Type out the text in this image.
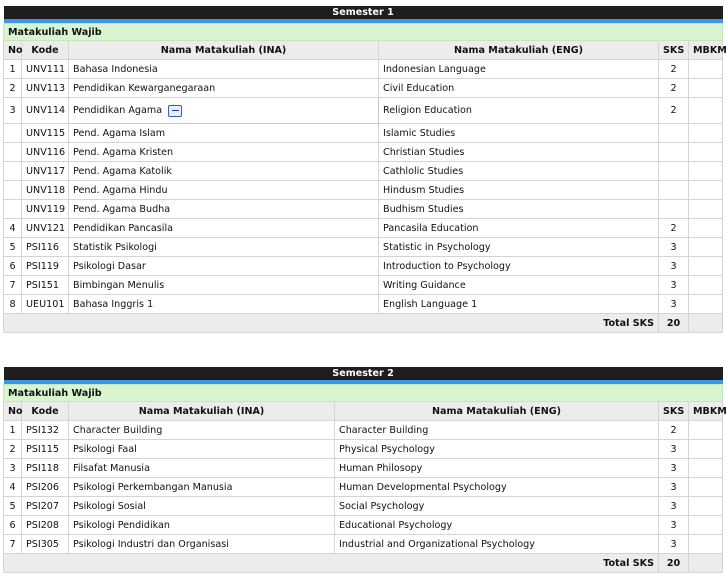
Semester 1					

Matakuliah Wajib					
No	Kode	Nama Matakuliah (INA)	Nama Matakuliah (ENG)	SKS	MBKM
1	UNV111	Bahasa Indonesia	Indonesian Language	2	
2	UNV113	Pendidikan Kewarganegaraan	Civil Education	2	
3	UNV114	Pendidikan Agama	Religion Education	2	
	UNV115	Pend. Agama Islam	Islamic Studies		
	UNV116	Pend. Agama Kristen	Christian Studies		
	UNV117	Pend. Agama Katolik	Cathlolic Studies		
	UNV118	Pend. Agama Hindu	Hindusm Studies		
	UNV119	Pend. Agama Budha	Budhism Studies		
4	UNV121	Pendidikan Pancasila	Pancasila Education	2	
5	PSI116	Statistik Psikologi	Statistic in Psychology	3	
6	PSI119	Psikologi Dasar	Introduction to Psychology	3	
7	PSI151	Bimbingan Menulis	Writing Guidance	3	
8	UEU101	Bahasa Inggris 1	English Language 1	3	
Total SKS				20	
Semester 2					

Matakuliah Wajib					
No	Kode	Nama Matakuliah (INA)	Nama Matakuliah (ENG)	SKS	MBKM
1	PSI132	Character Building	Character Building	2	
2	PSI115	Psikologi Faal	Physical Psychology	3	
3	PSI118	Filsafat Manusia	Human Philosopy	3	
4	PSI206	Psikologi Perkembangan Manusia	Human Developmental Psychology	3	
5	PSI207	Psikologi Sosial	Social Psychology	3	
6	PSI208	Psikologi Pendidikan	Educational Psychology	3	
7	PSI305	Psikologi Industri dan Organisasi	Industrial and Organizational Psychology	3	
Total SKS				20	
